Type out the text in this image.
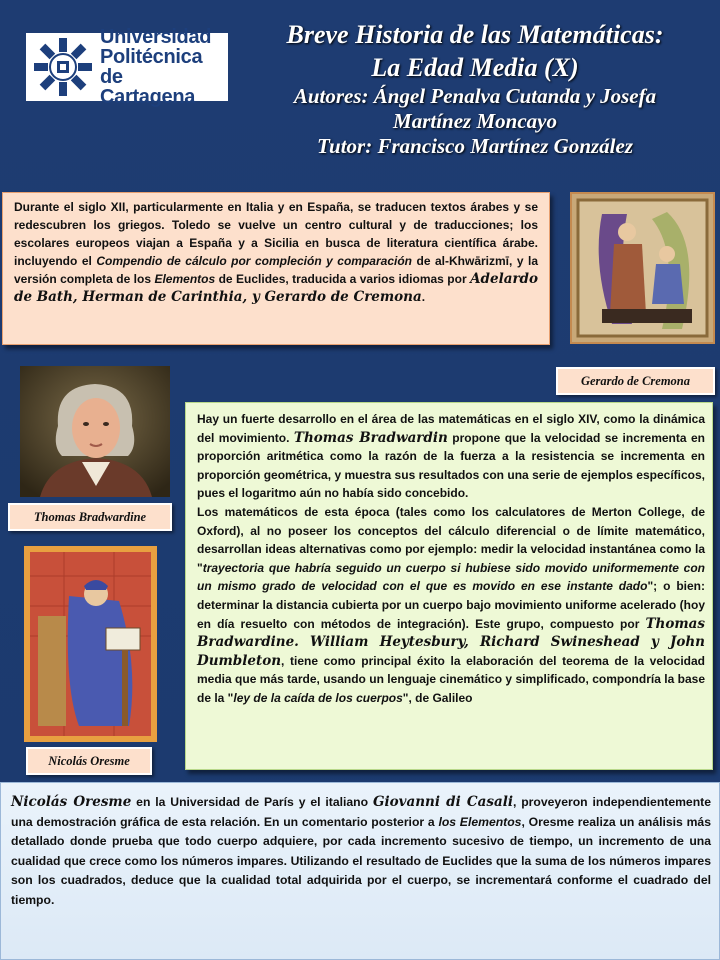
Universidad
Politécnica
de Cartagena
Breve Historia de las Matemáticas:
La Edad Media (X)
Autores: Ángel Penalva Cutanda y Josefa
Martínez Moncayo
Tutor: Francisco Martínez González
Durante el siglo XII, particularmente en Italia y en España, se traducen textos árabes y se redescubren los griegos. Toledo se vuelve un centro cultural y de traducciones; los escolares europeos viajan a España y a Sicilia en busca de literatura científica árabe. incluyendo el Compendio de cálculo por compleción y comparación de al-Khwārizmī, y la versión completa de los Elementos de Euclides, traducida a varios idiomas por Adelardo de Bath, Herman de Carinthia, y Gerardo de Cremona.
Gerardo de Cremona
Thomas Bradwardine
Nicolás Oresme
Hay un fuerte desarrollo en el área de las matemáticas en el siglo XIV, como la dinámica del movimiento. Thomas Bradwardin propone que la velocidad se incrementa en proporción aritmética como la razón de la fuerza a la resistencia se incrementa en proporción geométrica, y muestra sus resultados con una serie de ejemplos específicos, pues el logaritmo aún no había sido concebido.
Los matemáticos de esta época (tales como los calculatores de Merton College, de Oxford), al no poseer los conceptos del cálculo diferencial o de límite matemático, desarrollan ideas alternativas como por ejemplo: medir la velocidad instantánea como la "trayectoria que habría seguido un cuerpo si hubiese sido movido uniformemente con un mismo grado de velocidad con el que es movido en ese instante dado"; o bien: determinar la distancia cubierta por un cuerpo bajo movimiento uniforme acelerado (hoy en día resuelto con métodos de integración). Este grupo, compuesto por Thomas Bradwardine. William Heytesbury, Richard Swineshead y John Dumbleton, tiene como principal éxito la elaboración del teorema de la velocidad media que más tarde, usando un lenguaje cinemático y simplificado, compondría la base de la "ley de la caída de los cuerpos", de Galileo
Nicolás Oresme en la Universidad de París y el italiano Giovanni di Casali, proveyeron independientemente una demostración gráfica de esta relación. En un comentario posterior a los Elementos, Oresme realiza un análisis más detallado donde prueba que todo cuerpo adquiere, por cada incremento sucesivo de tiempo, un incremento de una cualidad que crece como los números impares. Utilizando el resultado de Euclides que la suma de los números impares son los cuadrados, deduce que la cualidad total adquirida por el cuerpo, se incrementará conforme el cuadrado del tiempo.
